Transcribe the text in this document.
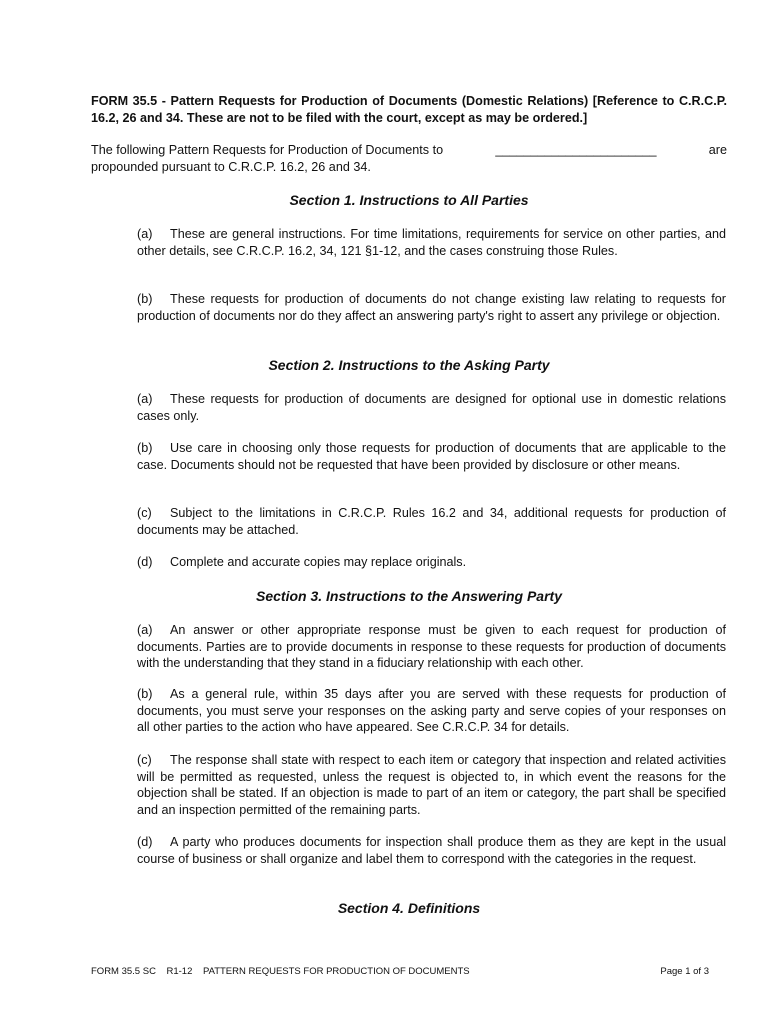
FORM 35.5 - Pattern Requests for Production of Documents (Domestic Relations) [Reference to C.R.C.P. 16.2, 26 and 34. These are not to be filed with the court, except as may be ordered.]

The following Pattern Requests for Production of Documents to	_______________________	are
propounded pursuant to C.R.C.P. 16.2, 26 and 34.
Section 1. Instructions to All Parties

(a) These are general instructions. For time limitations, requirements for service on other parties, and other details, see C.R.C.P. 16.2, 34, 121 §1-12, and the cases construing those Rules.

(b) These requests for production of documents do not change existing law relating to requests for production of documents nor do they affect an answering party's right to assert any privilege or objection.

Section 2. Instructions to the Asking Party

(a) These requests for production of documents are designed for optional use in domestic relations cases only.

(b) Use care in choosing only those requests for production of documents that are applicable to the case. Documents should not be requested that have been provided by disclosure or other means.

(c) Subject to the limitations in C.R.C.P. Rules 16.2 and 34, additional requests for production of documents may be attached.

(d) Complete and accurate copies may replace originals.

Section 3. Instructions to the Answering Party

(a) An answer or other appropriate response must be given to each request for production of documents. Parties are to provide documents in response to these requests for production of documents with the understanding that they stand in a fiduciary relationship with each other.

(b) As a general rule, within 35 days after you are served with these requests for production of documents, you must serve your responses on the asking party and serve copies of your responses on all other parties to the action who have appeared. See C.R.C.P. 34 for details.

(c) The response shall state with respect to each item or category that inspection and related activities will be permitted as requested, unless the request is objected to, in which event the reasons for the objection shall be stated. If an objection is made to part of an item or category, the part shall be specified and an inspection permitted of the remaining parts.

(d) A party who produces documents for inspection shall produce them as they are kept in the usual course of business or shall organize and label them to correspond with the categories in the request.

Section 4. Definitions
FORM 35.5 SC R1-12 PATTERN REQUESTS FOR PRODUCTION OF DOCUMENTS	Page 1 of 3
